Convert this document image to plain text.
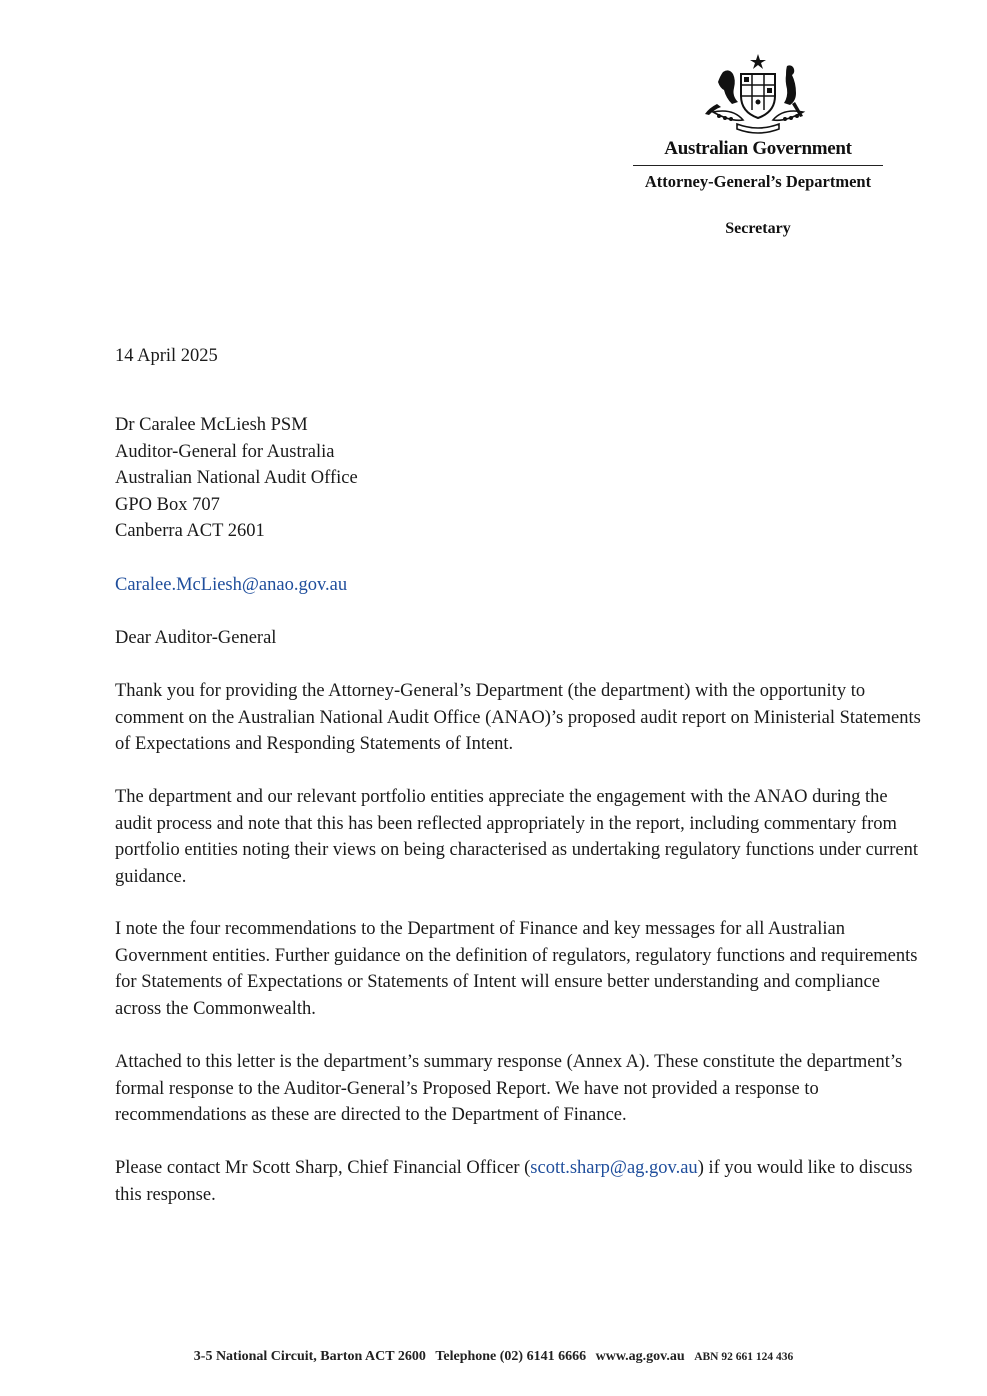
Australian Government
Attorney-General’s Department
Secretary
14 April 2025
Dr Caralee McLiesh PSM
Auditor-General for Australia
Australian National Audit Office
GPO Box 707
Canberra ACT 2601
Caralee.McLiesh@anao.gov.au
Dear Auditor-General

Thank you for providing the Attorney-General’s Department (the department) with the opportunity to comment on the Australian National Audit Office (ANAO)’s proposed audit report on Ministerial Statements of Expectations and Responding Statements of Intent.

The department and our relevant portfolio entities appreciate the engagement with the ANAO during the audit process and note that this has been reflected appropriately in the report, including commentary from portfolio entities noting their views on being characterised as undertaking regulatory functions under current guidance.

I note the four recommendations to the Department of Finance and key messages for all Australian Government entities. Further guidance on the definition of regulators, regulatory functions and requirements for Statements of Expectations or Statements of Intent will ensure better understanding and compliance across the Commonwealth.

Attached to this letter is the department’s summary response (Annex A). These constitute the department’s formal response to the Auditor-General’s Proposed Report. We have not provided a response to recommendations as these are directed to the Department of Finance.

Please contact Mr Scott Sharp, Chief Financial Officer (scott.sharp@ag.gov.au) if you would like to discuss this response.

3-5 National Circuit, Barton ACT 2600 Telephone (02) 6141 6666 www.ag.gov.au ABN 92 661 124 436
